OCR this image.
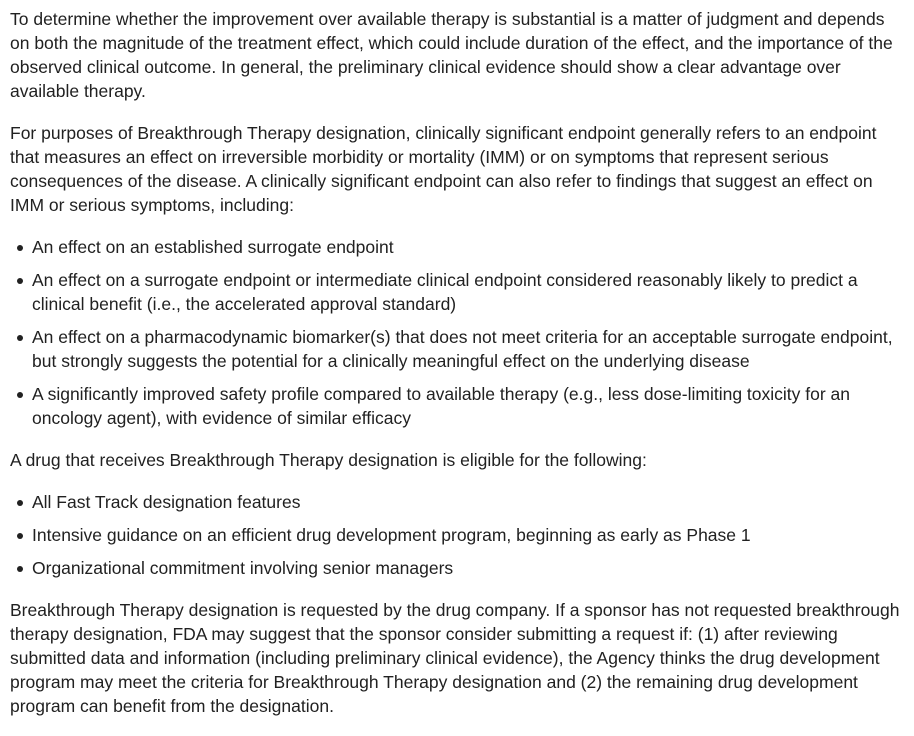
To determine whether the improvement over available therapy is substantial is a matter of judgment and depends on both the magnitude of the treatment effect, which could include duration of the effect, and the importance of the observed clinical outcome. In general, the preliminary clinical evidence should show a clear advantage over available therapy.

For purposes of Breakthrough Therapy designation, clinically significant endpoint generally refers to an endpoint that measures an effect on irreversible morbidity or mortality (IMM) or on symptoms that represent serious consequences of the disease. A clinically significant endpoint can also refer to findings that suggest an effect on IMM or serious symptoms, including:

An effect on an established surrogate endpoint
An effect on a surrogate endpoint or intermediate clinical endpoint considered reasonably likely to predict a clinical benefit (i.e., the accelerated approval standard)
An effect on a pharmacodynamic biomarker(s) that does not meet criteria for an acceptable surrogate endpoint, but strongly suggests the potential for a clinically meaningful effect on the underlying disease
A significantly improved safety profile compared to available therapy (e.g., less dose-limiting toxicity for an oncology agent), with evidence of similar efficacy

A drug that receives Breakthrough Therapy designation is eligible for the following:

All Fast Track designation features
Intensive guidance on an efficient drug development program, beginning as early as Phase 1
Organizational commitment involving senior managers

Breakthrough Therapy designation is requested by the drug company. If a sponsor has not requested breakthrough therapy designation, FDA may suggest that the sponsor consider submitting a request if: (1) after reviewing submitted data and information (including preliminary clinical evidence), the Agency thinks the drug development program may meet the criteria for Breakthrough Therapy designation and (2) the remaining drug development program can benefit from the designation.
